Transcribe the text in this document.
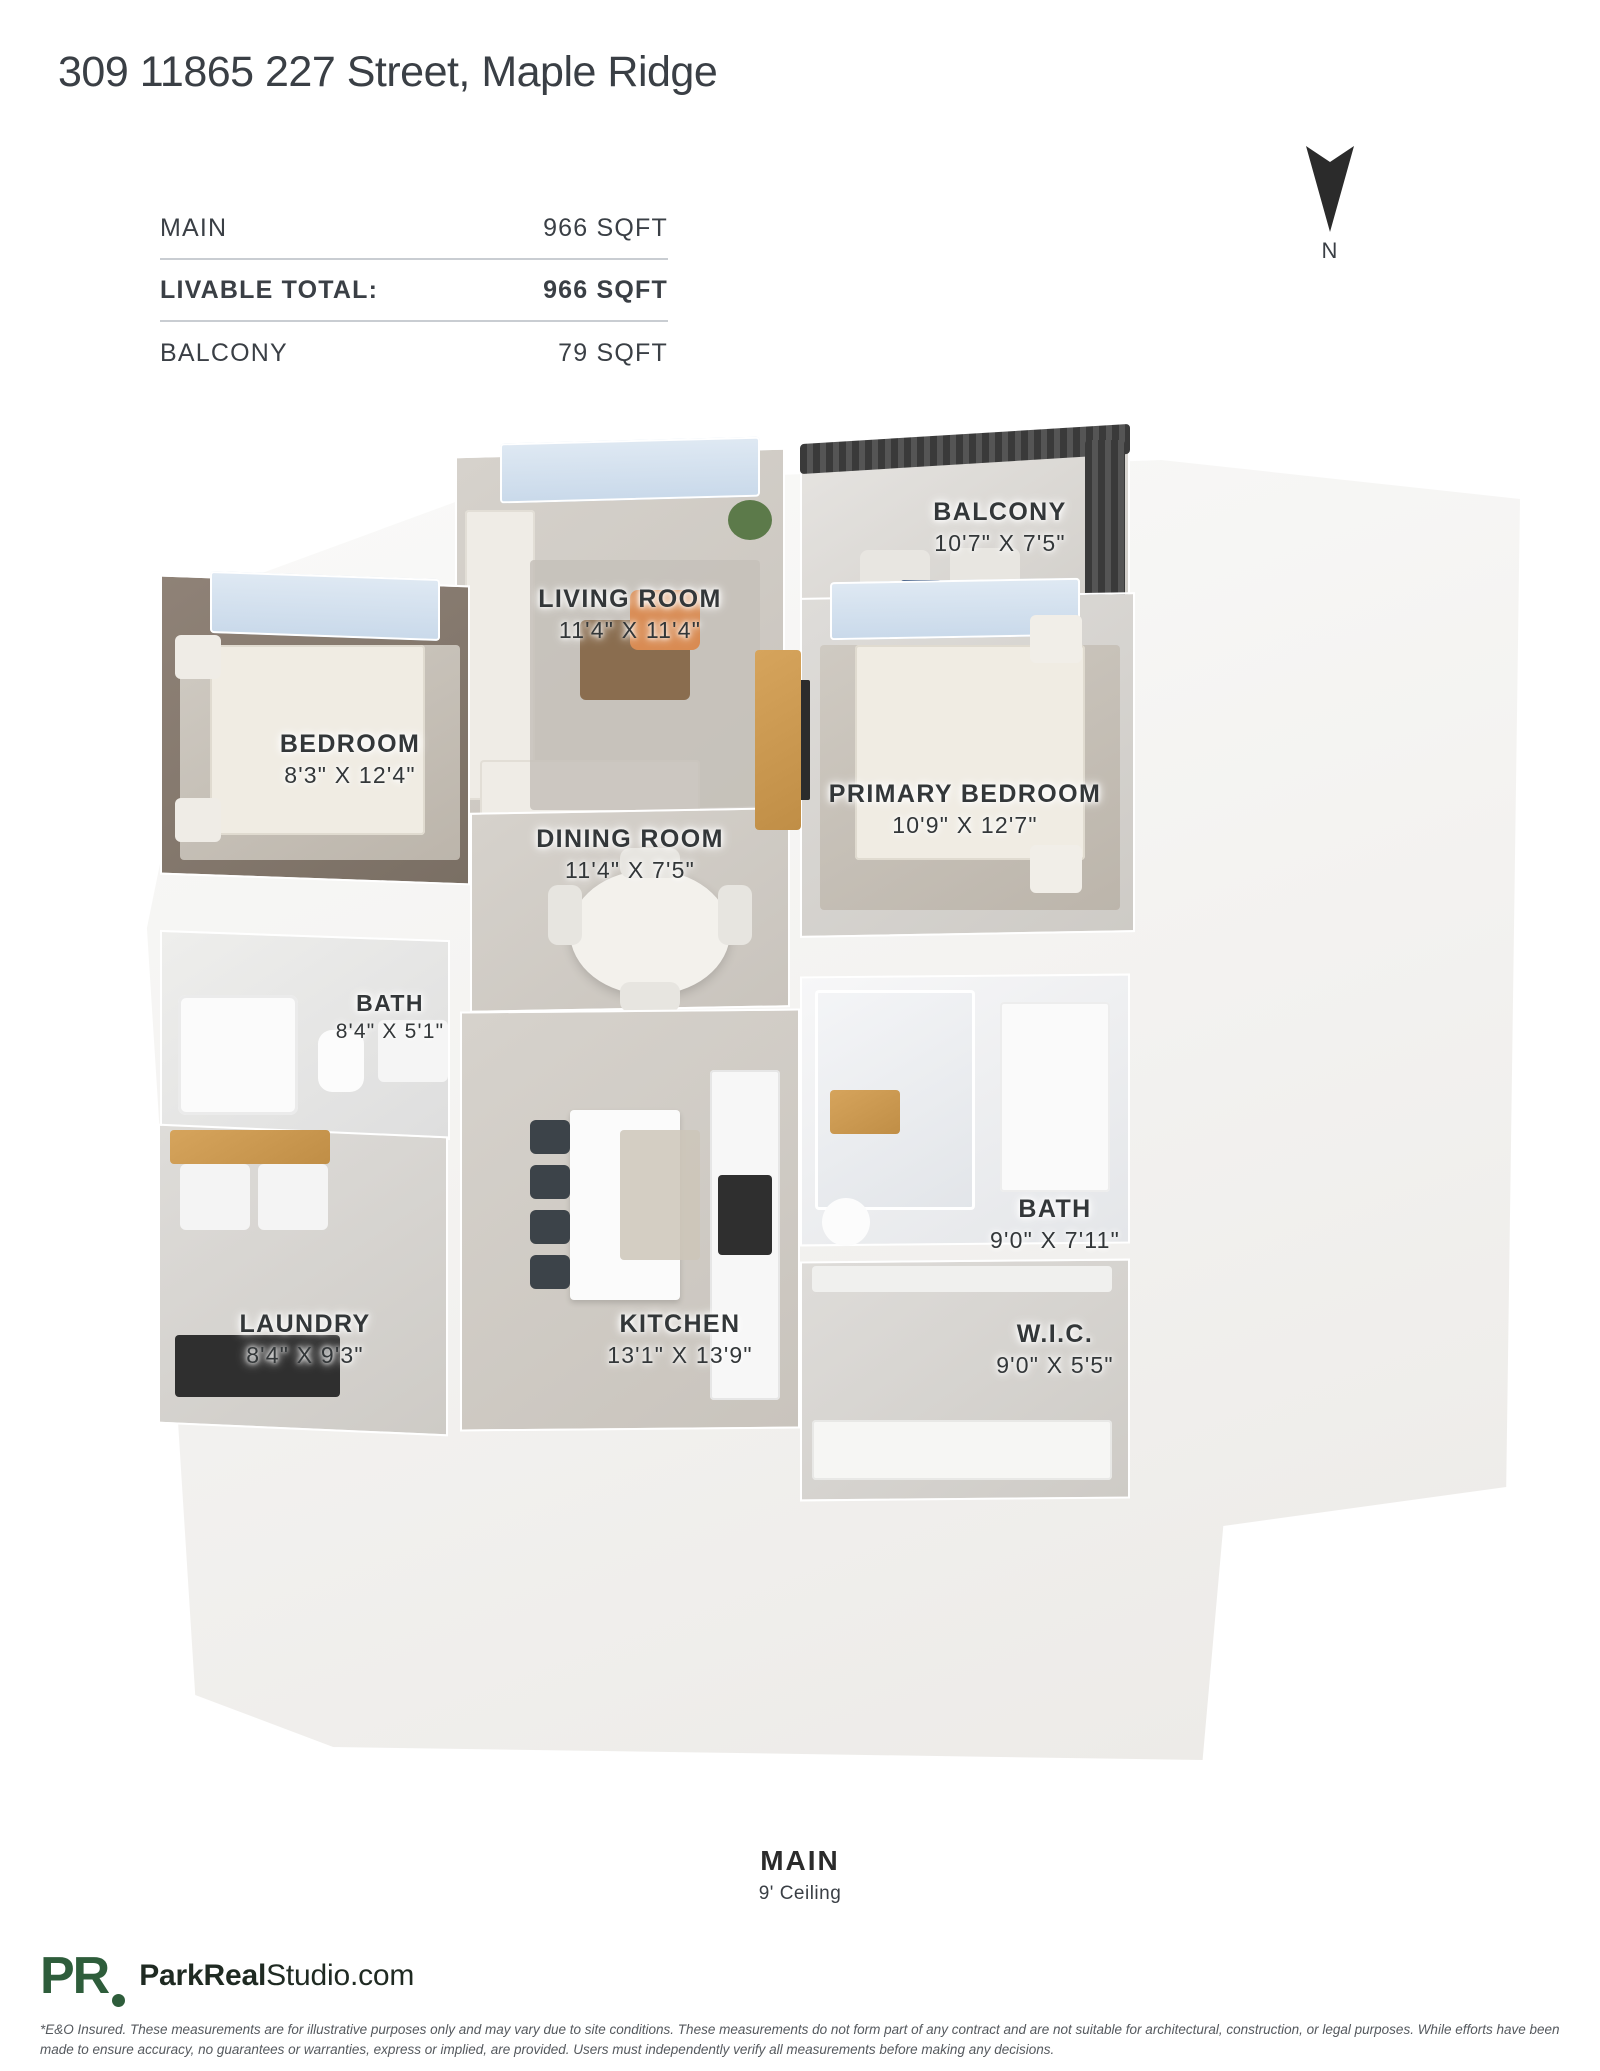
309 11865 227 Street, Maple Ridge
MAIN	966 SQFT
LIVABLE TOTAL:	966 SQFT
BALCONY	79 SQFT
N
BALCONY
10'7" X 7'5"
LIVING ROOM
11'4" X 11'4"
BEDROOM
8'3" X 12'4"
DINING ROOM
11'4" X 7'5"
PRIMARY BEDROOM
10'9" X 12'7"
BATH
8'4" X 5'1"
BATH
9'0" X 7'11"
KITCHEN
13'1" X 13'9"
W.I.C.
9'0" X 5'5"
LAUNDRY
8'4" X 9'3"
MAIN
9' Ceiling
PR	ParkRealStudio.com
*E&O Insured. These measurements are for illustrative purposes only and may vary due to site conditions. These measurements do not form part of any contract and are not suitable for architectural, construction, or legal purposes. While efforts have been made to ensure accuracy, no guarantees or warranties, express or implied, are provided. Users must independently verify all measurements before making any decisions.
